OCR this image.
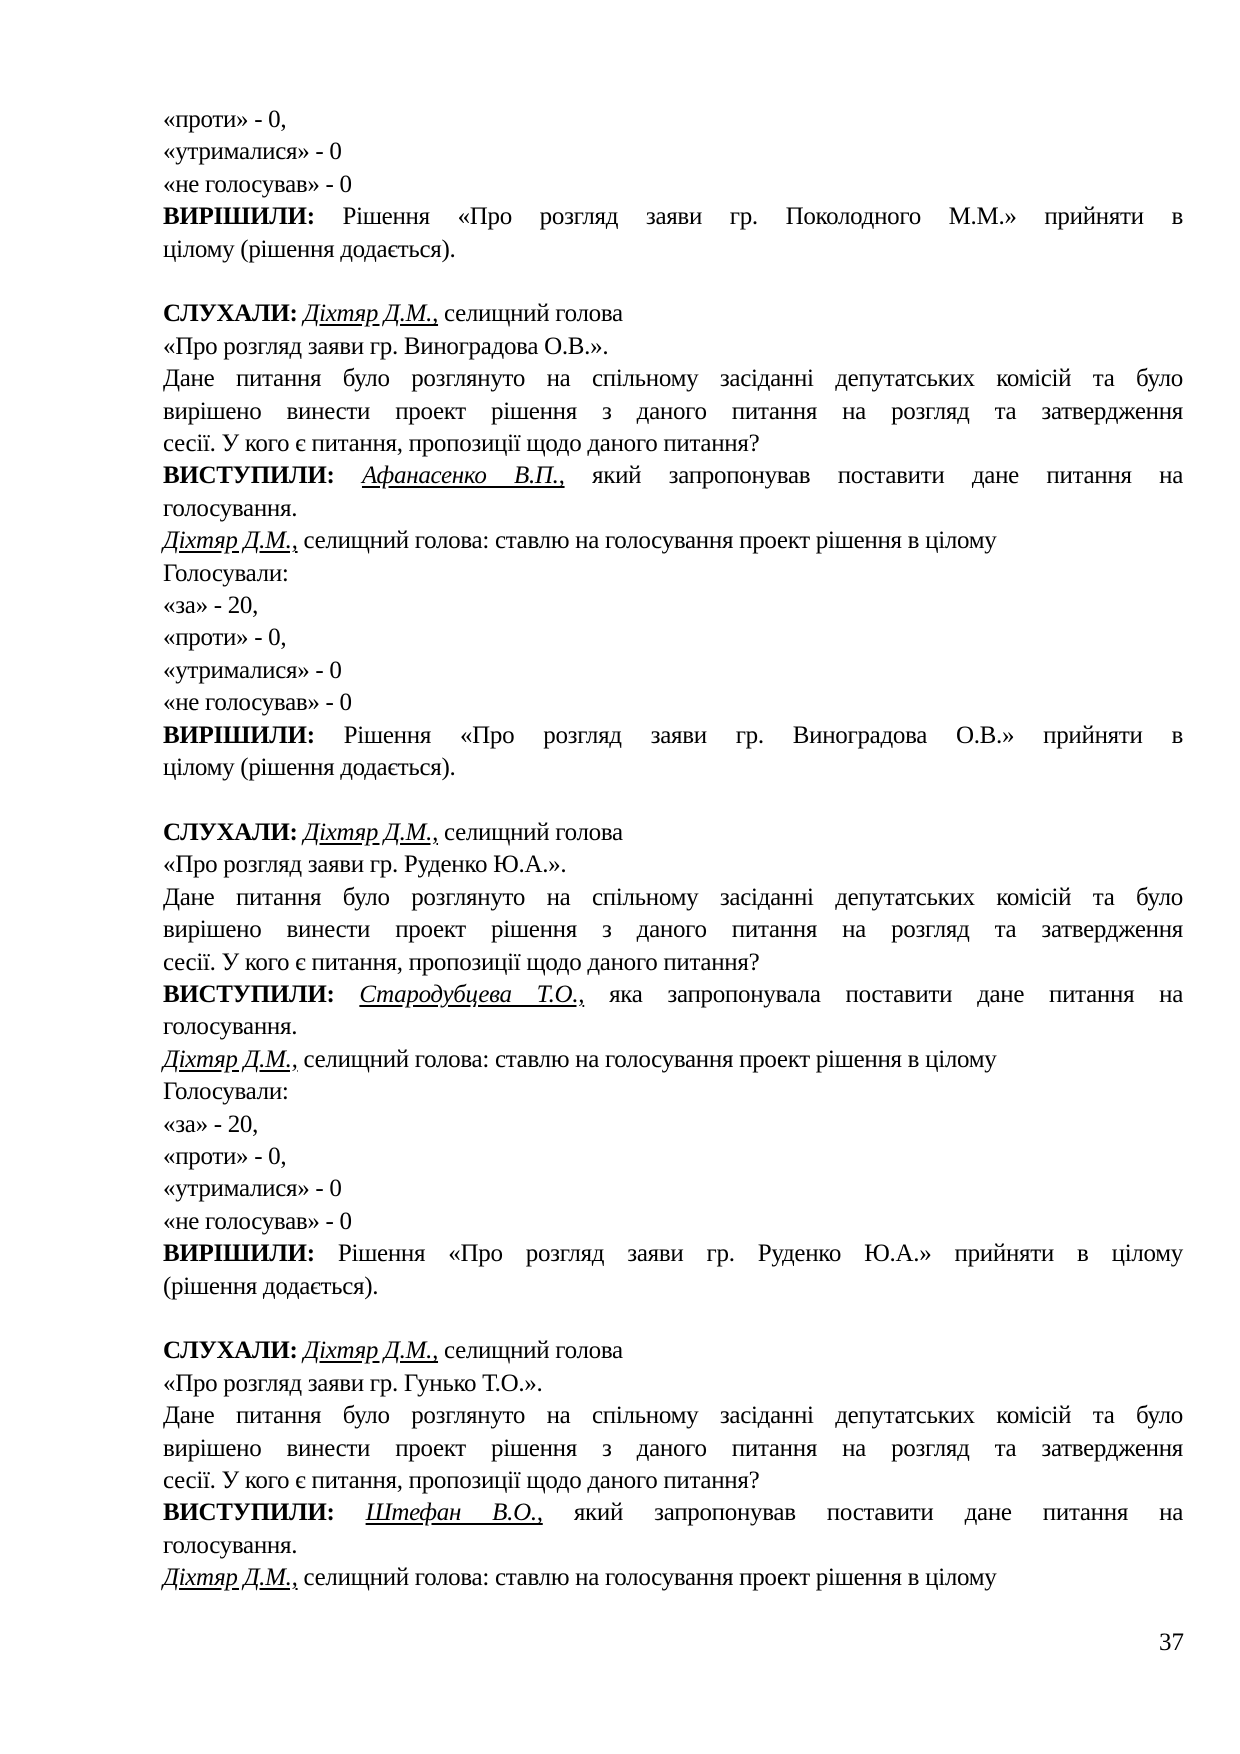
«проти» - 0,

«утрималися» - 0

«не голосував» - 0

ВИРІШИЛИ: Рішення «Про розгляд заяви гр. Поколодного М.М.» прийняти в

цілому (рішення додається).

СЛУХАЛИ: Діхтяр Д.М., селищний голова

«Про розгляд заяви гр. Виноградова О.В.».

Дане питання було розглянуто на спільному засіданні депутатських комісій та було

вирішено винести проект рішення з даного питання на розгляд та затвердження

сесії. У кого є питання, пропозиції щодо даного питання?

ВИСТУПИЛИ: Афанасенко В.П., який запропонував поставити дане питання на

голосування.

Діхтяр Д.М., селищний голова: ставлю на голосування проект рішення в цілому

Голосували:

«за» - 20,

«проти» - 0,

«утрималися» - 0

«не голосував» - 0

ВИРІШИЛИ: Рішення «Про розгляд заяви гр. Виноградова О.В.» прийняти в

цілому (рішення додається).

СЛУХАЛИ: Діхтяр Д.М., селищний голова

«Про розгляд заяви гр. Руденко Ю.А.».

Дане питання було розглянуто на спільному засіданні депутатських комісій та було

вирішено винести проект рішення з даного питання на розгляд та затвердження

сесії. У кого є питання, пропозиції щодо даного питання?

ВИСТУПИЛИ: Стародубцева Т.О., яка запропонувала поставити дане питання на

голосування.

Діхтяр Д.М., селищний голова: ставлю на голосування проект рішення в цілому

Голосували:

«за» - 20,

«проти» - 0,

«утрималися» - 0

«не голосував» - 0

ВИРІШИЛИ: Рішення «Про розгляд заяви гр. Руденко Ю.А.» прийняти в цілому

(рішення додається).

СЛУХАЛИ: Діхтяр Д.М., селищний голова

«Про розгляд заяви гр. Гунько Т.О.».

Дане питання було розглянуто на спільному засіданні депутатських комісій та було

вирішено винести проект рішення з даного питання на розгляд та затвердження

сесії. У кого є питання, пропозиції щодо даного питання?

ВИСТУПИЛИ: Штефан В.О., який запропонував поставити дане питання на

голосування.

Діхтяр Д.М., селищний голова: ставлю на голосування проект рішення в цілому

37
